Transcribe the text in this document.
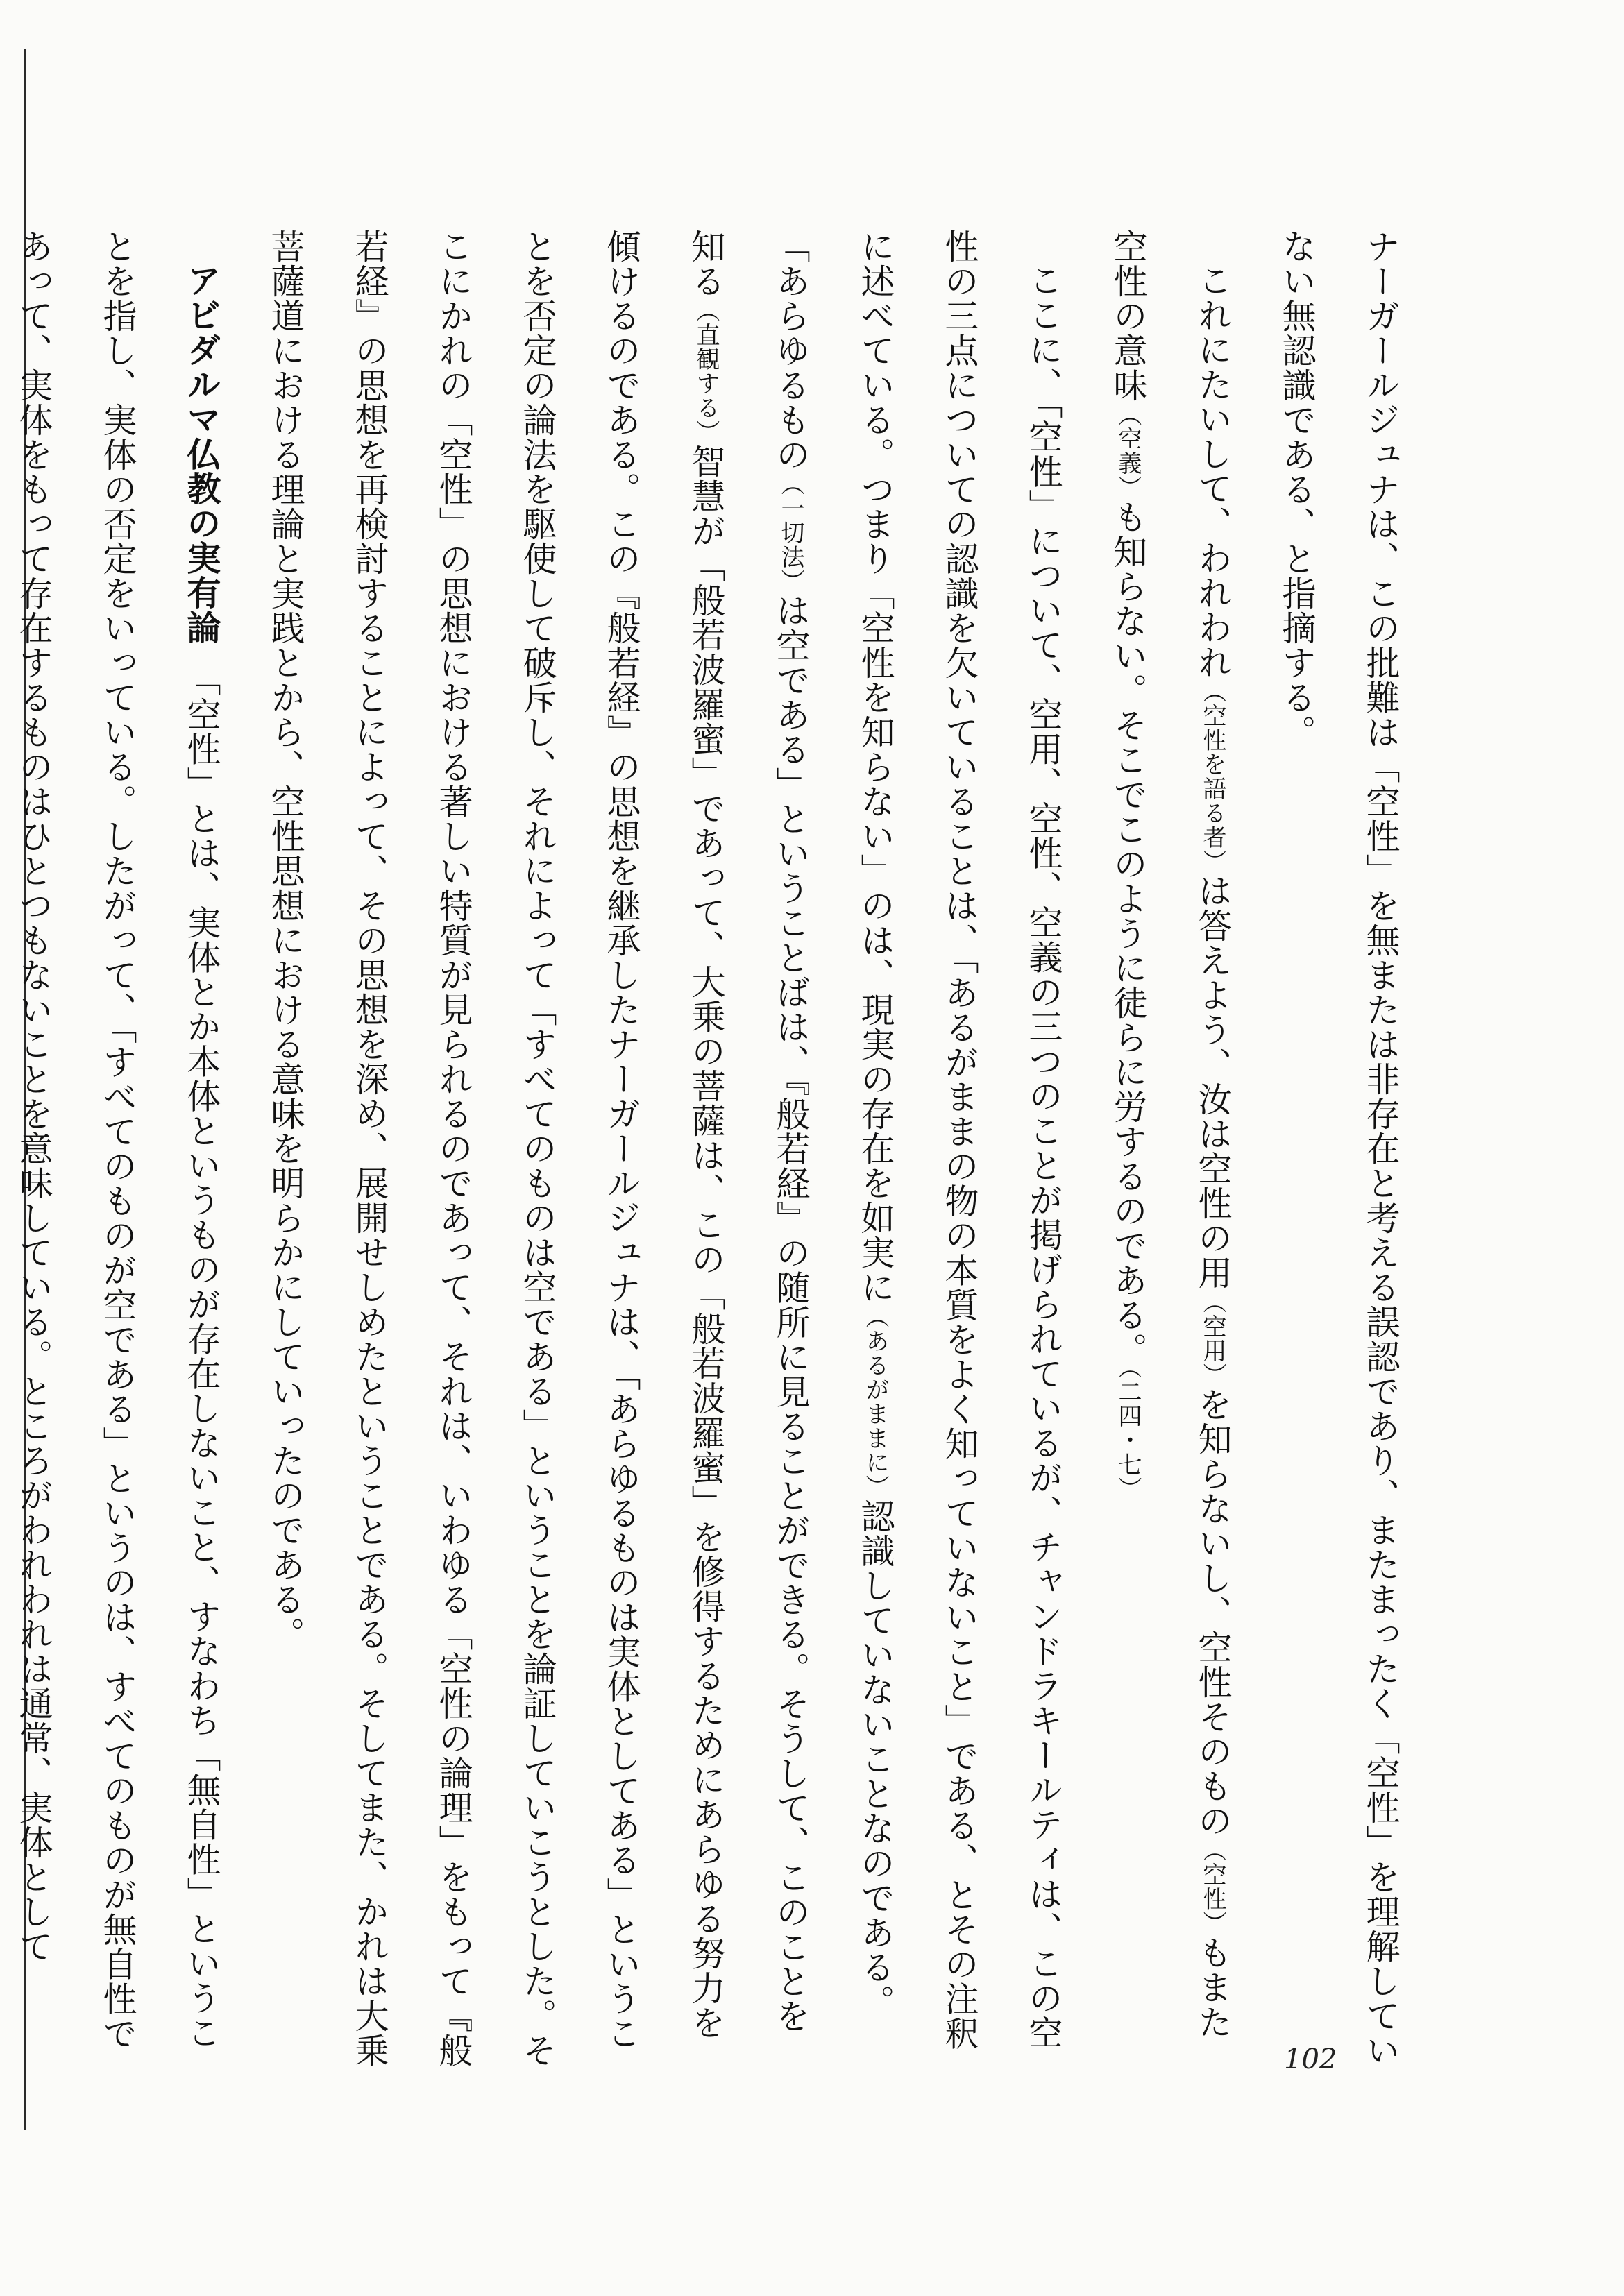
ナーガールジュナは、この批難は「空性」を無または非存在と考える誤認であり、またまったく「空性」を理解していない無認識である、と指摘する。

これにたいして、われわれ（空性を語る者）は答えよう、汝は空性の用（空用）を知らないし、空性そのもの（空性）もまた空性の意味（空義）も知らない。そこでこのように徒らに労するのである。（二四・七）

ここに、「空性」について、空用、空性、空義の三つのことが掲げられているが、チャンドラキールティは、この空性の三点についての認識を欠いていることは、「あるがままの物の本質をよく知っていないこと」である、とその注釈に述べている。つまり「空性を知らない」のは、現実の存在を如実に（あるがままに）認識していないことなのである。「あらゆるもの（一切法）は空である」ということばは、『般若経』の随所に見ることができる。そうして、このことを知る（直観する）智慧が「般若波羅蜜」であって、大乗の菩薩は、この「般若波羅蜜」を修得するためにあらゆる努力を傾けるのである。この『般若経』の思想を継承したナーガールジュナは、「あらゆるものは実体としてある」ということを否定の論法を駆使して破斥し、それによって「すべてのものは空である」ということを論証していこうとした。そこにかれの「空性」の思想における著しい特質が見られるのであって、それは、いわゆる「空性の論理」をもって『般若経』の思想を再検討することによって、その思想を深め、展開せしめたということである。そしてまた、かれは大乗菩薩道における理論と実践とから、空性思想における意味を明らかにしていったのである。

アビダルマ仏教の実有論　「空性」とは、実体とか本体というものが存在しないこと、すなわち「無自性」ということを指し、実体の否定をいっている。したがって、「すべてのものが空である」というのは、すべてのものが無自性であって、実体をもって存在するものはひとつもないことを意味している。ところがわれわれは通常、実体として

102
